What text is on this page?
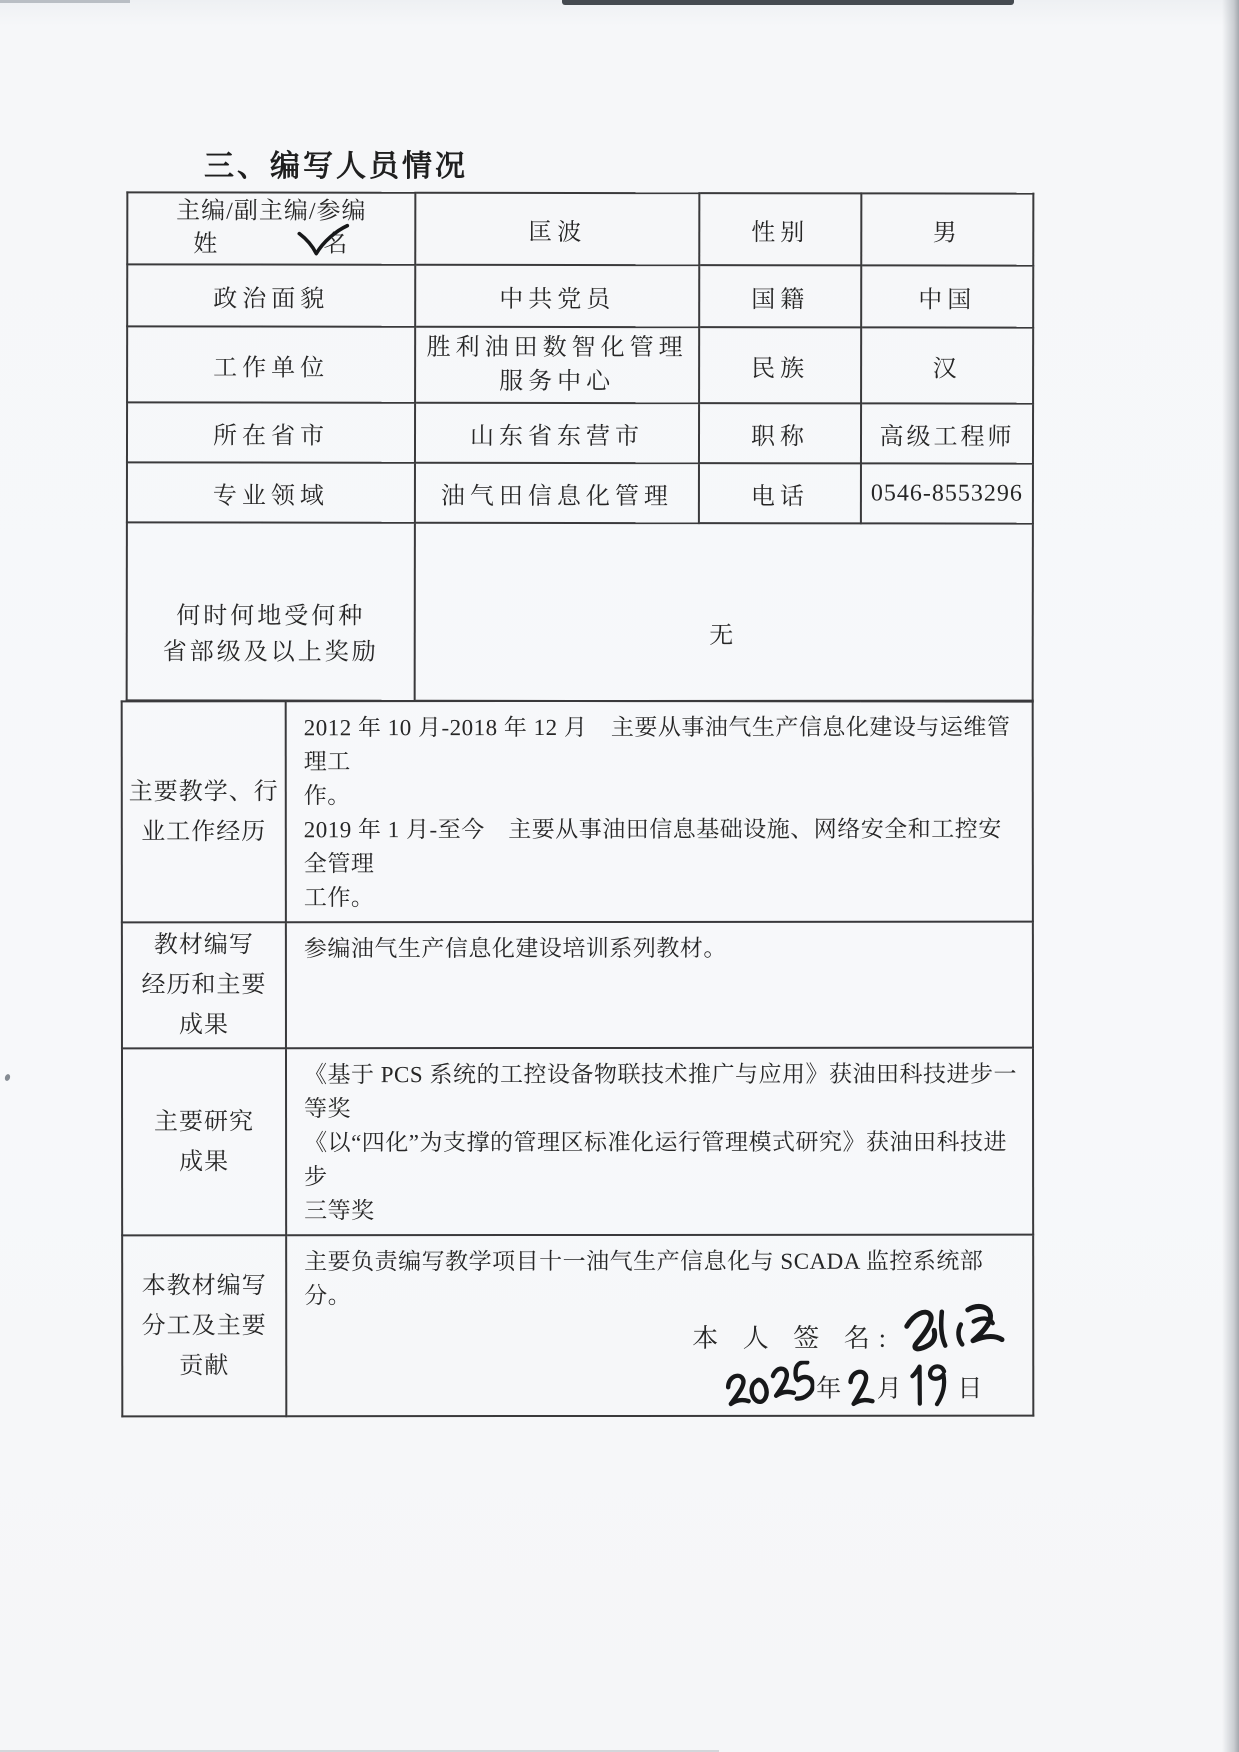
三、编写人员情况
主编/副主编/参编
姓　　　　名	匡波	性别	男
政治面貌	中共党员	国籍	中国
工作单位	胜利油田数智化管理
服务中心	民族	汉
所在省市	山东省东营市	职称	高级工程师
专业领域	油气田信息化管理	电话	0546-8553296
何时何地受何种
省部级及以上奖励	无		
主要教学、行
业工作经历	2012 年 10 月-2018 年 12 月　主要从事油气生产信息化建设与运维管理工
作。
2019 年 1 月-至今　主要从事油田信息基础设施、网络安全和工控安全管理
工作。
教材编写
经历和主要
成果	参编油气生产信息化建设培训系列教材。
主要研究
成果	《基于 PCS 系统的工控设备物联技术推广与应用》获油田科技进步一等奖
《以“四化”为支撑的管理区标准化运行管理模式研究》获油田科技进步
三等奖
本教材编写
分工及主要
贡献	
主要负责编写教学项目十一油气生产信息化与 SCADA 监控系统部分。
本 人 签 名:
年 月 日
